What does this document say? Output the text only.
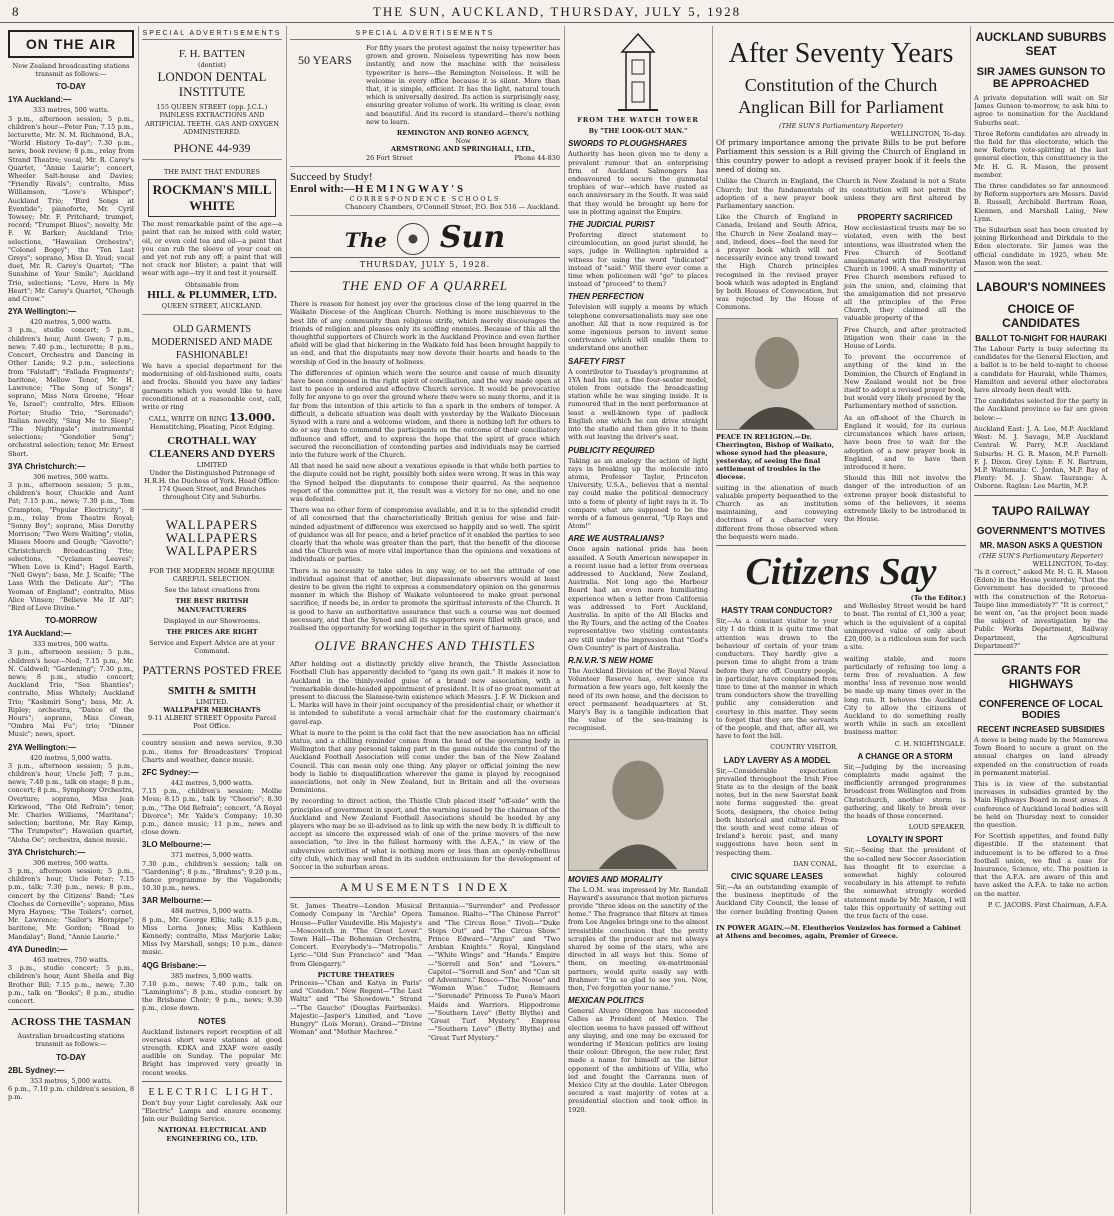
8	THE SUN, AUCKLAND, THURSDAY, JULY 5, 1928
ON THE AIR

New Zealand broadcasting stations transmit as follows:—

TO-DAY
1YA Auckland:—
333 metres, 500 watts.

3 p.m., afternoon session; 5 p.m., children's hour—Peter Pan; 7.15 p.m., lecturette, Mr. N. M. Richmond, B.A., "World History To-day"; 7.30 p.m., news, book review; 8 p.m., relay from Strand Theatre; vocal, Mr. R. Carey's Quartet, "Annie Laurie"; concert, Wheeler Salt-house and Davies; "Friendly Rivals"; contralto, Miss Williamson, "Love's Whisper"; Auckland Trio; "Bird Songs at Eventide"; pianoforte, Mr. Cyril Towsey; Mr. F. Pritchard; trumpet, record; "Trumpet Blues"; novelty, Mr. F. W. Barker; Auckland Trio; selections, "Hawaiian Orchestra"; "Colonel Bogey"; the "Ten Last Greys"; soprano, Miss D. Youd; vocal duet, Mr. R. Carey's Quartet; "The Sunshine of Your Smile"; Auckland Trio, selections; "Love, Here is My Heart"; Mr. Carey's Quartet, "Chough and Crow."

2YA Wellington:—
420 metres, 5,000 watts.

3 p.m., studio concert; 5 p.m., children's hour, Aunt Gwen; 7 p.m., news; 7.40 p.m., lecturette; 8 p.m., Concert, Orchestra and Dancing in Other Lands; 9.2 p.m., selections from "Falstaff"; "Fallada Fragments"; baritone, Mellow Tenor, Mr. H. Lawrence; "The Song of Songs"; soprano, Miss Nora Greene, "Hear Ye, Israel"; contralto, Mrs. Ellison Porter; Studio Trio, "Serenade"; Italian novelty, "Sing Me to Sleep"; "The Nightingale"; instrumental selections; "Gondolier Song"; orchestral selection; tenor, Mr. Ernest Short.

3YA Christchurch:—
306 metres, 500 watts.

3 p.m., afternoon session; 5 p.m., children's hour, Chuckle and Aunt Pat; 7.15 p.m., news; 7.30 p.m., Tom Crampton, "Popular Electricity"; 8 p.m., relay from Theatre Royal; "Sonny Boy"; soprano, Miss Dorothy Morrison; "Two Were Waiting"; violin, Misses Moore and Gough; "Gavotte"; Christchurch Broadcasting Trio; selections, "Cyclamen Leaves"; "When Love is Kind"; Hagel Earth, "Nell Gwyn"; bass, Mr. J. Scaife; "The Lass With the Delicate Air"; "The Yeoman of England"; contralto, Miss Alice Vinsen; "Believe Me If All"; "Bird of Love Divine."

TO-MORROW
1YA Auckland:—
333 metres, 500 watts.

3 p.m., afternoon session; 5 p.m., children's hour—Nod; 7.15 p.m., Mr. N. Caldwell; "Gardening"; 7.30 p.m., news; 8 p.m., studio concert; Auckland Trio, "Sea Shanties"; contralto, Miss Whitely; Auckland Trio; "Kashmiri Song"; bass, Mr. A. Ripley; orchestra, "Dance of the Hours"; soprano, Miss Cowan, "Ombra Mai Fu"; trio; "Dinner Music"; news, sport.

2YA Wellington:—
420 metres, 5,000 watts.

3 p.m., afternoon session; 5 p.m., children's hour, Uncle Jeff; 7 p.m., news; 7.40 p.m., talk on stage; 8 p.m., concert; 8 p.m., Symphony Orchestra, Overture; soprano, Miss Jean Kirkwood, "The Old Refrain"; tenor, Mr. Charles Williams, "Maritana"; selection; baritone, Mr. Ray Kemp, "The Trumpeter"; Hawaiian quartet, "Aloha Oe"; orchestra, dance music.

3YA Christchurch:—
306 metres, 500 watts.

3 p.m., afternoon session; 5 p.m., children's hour, Uncle Peter; 7.15 p.m., talk; 7.30 p.m., news; 8 p.m., concert by the Citizens' Band; "Les Cloches de Corneville"; soprano, Miss Myra Haynes; "The Toilers"; cornet, Mr. Lawrence; "Sailor's Hornpipe"; baritone, Mr. Gordon; "Road to Mandalay"; Band, "Annie Laurie."

4YA Dunedin:—
463 metres, 750 watts.

3 p.m., studio concert; 5 p.m., children's hour, Aunt Sheila and Big Brother Bill; 7.15 p.m., news; 7.30 p.m., talk on "Books"; 8 p.m., studio concert.

ACROSS THE TASMAN

Australian broadcasting stations transmit as follows:—

TO-DAY
2BL Sydney:—
353 metres, 5,000 watts.

6 p.m., 7.10 p.m. children's session, 8 p.m.

SPECIAL ADVERTISEMENTS
F. H. BATTEN
(dentist)
LONDON DENTAL INSTITUTE

155 QUEEN STREET (opp. J.C.L.) PAINLESS EXTRACTIONS AND ARTIFICIAL TEETH. GAS AND OXYGEN ADMINISTERED.

PHONE 44-939
THE PAINT THAT ENDURES
ROCKMAN'S MILL WHITE

The most remarkable paint of the age—a paint that can be mixed with cold water, oil, or even cold tea and oil—a paint that you can rub the sleeve of your coat on and yet not rub any off; a paint that will not crack nor blister; a paint that will wear with age—try it and test it yourself.

Obtainable from
HILL & PLUMMER, LTD.
QUEEN STREET, AUCKLAND.
OLD GARMENTS MODERNISED AND MADE FASHIONABLE!

We have a special department for the modernising of old-fashioned suits, coats and frocks. Should you have any ladies' garments which you would like to have reconditioned at a reasonable cost, call, write or ring

CALL, WRITE OR RING 13.000.
Hemstitching, Pleating, Picot Edging.
CROTHALL WAY CLEANERS AND DYERS
LIMITED

Under the Distinguished Patronage of H.R.H. the Duchess of York. Head Office: 174 Queen Street, and Branches throughout City and Suburbs.

WALLPAPERS
WALLPAPERS
WALLPAPERS

FOR THE MODERN HOME REQUIRE CAREFUL SELECTION.

See the latest creations from

THE BEST BRITISH MANUFACTURERS

Displayed in our Showrooms.

THE PRICES ARE RIGHT

Service and Expert Advice are at your Command.

PATTERNS POSTED FREE
SMITH & SMITH
LIMITED.
WALLPAPER MERCHANTS
9-11 ALBERT STREET Opposite Parcel Post Office.

country session and news service, 9.30 p.m., items for Broadcasters' Tropical Charts and weather, dance music.

2FC Sydney:—
442 metres, 5,000 watts.

7.15 p.m., children's session; Mollie Moss; 8.15 p.m., talk by "Cheerio"; 8.30 p.m., "The Old Refrain"; concert, "A Royal Divorce"; Mr. Yalde's Company; 10.30 p.m., dance music; 11 p.m., news and close down.

3LO Melbourne:—
371 metres, 5,000 watts.

7.30 p.m., children's session; talk on "Gardening"; 8 p.m., "Brahms"; 9.20 p.m., dance programme by the Vagabonds; 10.30 p.m., news.

3AR Melbourne:—
484 metres, 5,000 watts.

8 p.m., Mr. George Ellis; talk; 8.15 p.m., Miss Lorna Jones; Miss Kathleen Kennedy; contralto, Miss Marjorie Lake; Miss Ivy Marshall, songs; 10 p.m., dance music.

4QG Brisbane:—
385 metres, 5,000 watts.

7.10 p.m., news; 7.40 p.m., talk on "Lamingtons"; 8 p.m., studio concert by the Brisbane Choir; 9 p.m., news; 9.30 p.m., close down.

NOTES

Auckland listeners report reception of all overseas short wave stations at good strength. KDKA and 2XAF were easily audible on Sunday. The popular Mr. Bright has improved very greatly in recent weeks.

ELECTRIC LIGHT.

Don't buy your Light carelessly. Ask our "Electric" Lamps and ensure economy. Join our Building Service.

NATIONAL ELECTRICAL AND ENGINEERING CO., LTD.
SPECIAL ADVERTISEMENTS
50 YEARS

For fifty years the protest against the noisy typewriter has grown and grown. Noiseless typewriting has now been instantly, and now the machine with the noiseless typewriter is here—the Remington Noiseless. It will be welcome in every office because it is silent. More than that, it is simple, efficient. It has the light, natural touch which is universally desired. Its action is surprisingly easy, ensuring greater volume of work. Its writing is clear, even and beautiful. And its record is standard—there's nothing new to learn.

REMINGTON AND RONEO AGENCY,
Now
ARMSTRONG AND SPRINGHALL, LTD.,
26 Fort Street	Phone 44-830
Succeed by Study!
Enrol with:—H E M I N G W A Y ' S
CORRESPONDENCE SCHOOLS
Chancery Chambers, O'Connell Street, P.O. Box 516 — Auckland.
The Sun
THURSDAY, JULY 5, 1928.
THE END OF A QUARREL

There is reason for honest joy over the gracious close of the long quarrel in the Waikato Diocese of the Anglican Church. Nothing is more mischievous to the best life of any community than religious strife, which merely discourages the friends of religion and pleases only its scoffing enemies. Because of this all the thoughtful supporters of Church work in the Auckland Province and even farther afield will be glad that bickering in the Waikato fold has been brought happily to an end, and that the disputants may now devote their hearts and heads to the worship of God in the beauty of holiness.

The differences of opinion which were the source and cause of much disunity have been composed in the right spirit of conciliation, and the way made open at last to peace in ordered and effective Church service. It would be provocative folly for anyone to go over the ground where there were so many thorns, and it is far from the intention of this article to fan a spark in the embers of temper. A difficult, a delicate situation was dealt with yesterday by the Waikato Diocesan Synod with a rare and a welcome wisdom, and there is nothing left for others to do or say than to commend the participants on the outcome of their conciliatory influence and effort, and to express the hope that the spirit of grace which secured the reconciliation of contending parties and individuals may be carried into the future work of the Church.

All that need be said now about a vexatious episode is that while both parties to the dispute could not be right, possibly both sides were wrong. It was in this way the Synod helped the disputants to compose their quarrel. As the sequence report of the committee put it, the result was a victory for no one, and no one was defeated.

There was no other form of compromise available, and it is to the splendid credit of all concerned that the characteristically British genius for wise and fair-minded adjustment of difference was exercised so happily and so well. The spirit of guidance was all for peace, and a brief practice of it enabled the parties to see clearly that the whole was greater than the part, that the benefit of the diocese and the Church was of more vital importance than the opinions and vexations of individuals or parties.

There is no necessity to take sides in any way, or to set the attitude of one individual against that of another, but dispassionate observers would at least desire to be given the right to express a commendatory opinion on the generous manner in which the Bishop of Waikato volunteered to make great personal sacrifice, if needs be, in order to promote the spiritual interests of the Church. It is good to have an authoritative assurance that such a course was not deemed necessary, and that the Synod and all its supporters were filled with grace, and realised the opportunity for working together in the spirit of harmony.

OLIVE BRANCHES AND THISTLES

After holding out a distinctly prickly olive branch, the Thistle Association Football Club has apparently decided to "gang its own gait." It makes it now to Auckland in the thinly-veiled guise of a brand new association, with a "remarkable double-headed appointment of president. It is of no great moment at present to discuss the Slamese-twin existence which Messrs. J. F. W. Dickson and L. Marks will have in their joint occupancy of the presidential chair, or whether it is intended to substitute a vocal armchair chat for the customary chairman's gavel-rap.

What is more to the point is the cold fact that the new association has no official status, and a chilling reminder comes from the head of the governing body in Wellington that any personal taking part in the game outside the control of the Auckland Football Association will come under the ban of the New Zealand Council. This can mean only one thing. Any player or official joining the new body is liable to disqualification wherever the game is played by recognised associations, not only in New Zealand, but in Britain and all the overseas Dominions.

By recording to direct action, the Thistle Club placed itself "off-side" with the principles of government in sport, and the warning issued by the chairman of the Auckland and New Zealand Football Associations should be heeded by any players who may be so ill-advised as to link up with the new body. It is difficult to accept as sincere the expressed wish of one of the prime movers of the new association, "to live in the fullest harmony with the A.F.A.," in view of the subversive activities of what is nothing more or less than an openly-rebellious city club, which may well find in its sudden enthusiasm for the development of Soccer in the suburban areas.

AMUSEMENTS INDEX

St. James Theatre—London Musical Comedy Company in "Archie" Opera House—Fuller Vaudeville. His Majesty's—Moscovitch in "The Great Lover." Town Hall—The Bohemian Orchestra, Concert. Everybody's—"Metropolis." Lyric—"Old Sun Francisco" and "Man from Glengarry."

PICTURE THEATRES

Princess—"Chan and Katya in Paris" and "Condon." New Regent—"The Last Waltz" and "The Showdown." Strand—"The Gaucho" (Douglas Fairbanks). Majestic—Jasper's Limited, and "Love Hungry" (Lois Moran). Grand—"Divine Woman" and "Mother Machree."

Britannia—"Surrender" and Professor Tamanoe. Rialto—"The Chinese Parrot" and "The Circus Rose." Tivoli—"Duke Steps Out" and "The Circus Show." Prince Edward—"Argus" and "Two Arabian Knights." Royal, Kingsland—"White Wings" and "Hands." Empire—"Sorrell and Son" and "Lovers." Capitol—"Sorrell and Son" and "Can sit of Adventure." Rosco—"The Noose" and "Woman Wise." Tudor, Remuera—"Serenade" Princess Te Puea's Maori Maids and Warriors. Hippodrome—"Southern Love" (Betty Blythe) and "Great Turf Mystery." Empress—"Southern Love" (Betty Blythe) and "Great Turf Mystery."

FROM THE WATCH TOWER
By "THE LOOK-OUT MAN."
SWORDS TO PLOUGHSHARES

Authority has been given me to deny a prevalent rumour that an enterprising firm of Auckland Salmongers has endeavoured to secure the gunmetal trophies of war—which have rusted as each anniversary in the South. It was said that they would be brought up here for use in plotting against the Empire.

THE JUDICIAL PURIST

Preferring direct statement to circumlocution, an good jurist should, he says, judge in Wellington upbraided a witness for using the word "indicated" instead of "said." Will there ever come a time when policemen will "go" to places instead of "proceed" to them?

THEN PERFECTION

Television will supply a means by which telephone conversationalists may see one another. All that is now required is for some ingenious person to invent some contrivance which will enable them to understand one another.

SAFETY FIRST

A contributor to Tuesday's programme at 1YA had his car, a fine four-seater model, stolen from outside the broadcasting station while he was singing inside. It is rumoured that in the next performance at least a well-known type of padlock English one which he can drive straight into the studio and then give it to them with out leaving the driver's seat.

PUBLICITY REQUIRED

Taking as an analogy the action of light rays in breaking up the molecule into atoms, Professor Taylor, Princeton University, U.S.A., believes that a mental ray could make the political democracy into a form of plenty of light rays in it. To compare what are supposed to be the words of a famous general, "Up Rays and Atom!"

ARE WE AUSTRALIANS?

Once again national pride has been assailed. A South American newspaper in a recent issue had a letter from overseas addressed to Auckland, New Zealand, Australia. Not long ago the Harbour Board had an even more humiliating experience when a letter from California was addressed to Fort Auckland, Australia. In spite of the All Blacks and the Ry Tours, and the acting of the Coates representative two visiting contestants are still under the impression that "God's Own Country" is part of Australia.

R.N.V.R.'S NEW HOME

The Auckland Division of the Royal Naval Volunteer Reserve has, ever since its formation a few years ago, felt keenly the need of its own home, and the decision to erect permanent headquarters at St. Mary's Bay is a tangible indication that the value of the sea-training is recognised.

MOVIES AND MORALITY

The L.O.M. was impressed by Mr. Randall Hayward's assurance that motion pictures provide "three ideas on the sanctity of the home." The fragrance that filters at times from Los Angeles brings one to the almost irresistible conclusion that the pretty scruples of the producer are not always shared by some of the stars, who are directed in all ways but this. Some of them, on meeting ex-matrimonial partners, would quite easily say with Brahmer: "I'm so glad to see you. Now, then, I've forgotten your name."

MEXICAN POLITICS

General Alvaro Obregon has succeeded Calles as President of Mexico. The election seems to have passed off without any slaying, and one may be excused for wondering if Mexican politics are losing their colour. Obregon, the new ruler, first made a name for himself as the bitter opponent of the ambitions of Villa, who led and fought the Carranza men of Mexico City at the double. Later Obregon secured a vast majority of votes at a presidential election and took office in 1920.

After Seventy Years
Constitution of the Church
Anglican Bill for Parliament
(THE SUN'S Parliamentary Reporter)
WELLINGTON, To-day.

Of primary importance among the private Bills to be put before Parliament this session is a Bill giving the Church of England in this country power to adopt a revised prayer book if it feels the need of doing so.

Unlike the Church in England, the Church in New Zealand is not a State Church; but the fundamentals of its constitution will not permit the adoption of a new prayer book unless they are first altered by Parliamentary sanction.

Like the Church of England in Canada, Ireland and South Africa, the Church in New Zealand may—and, indeed, does—feel the need for a prayer book which will not necessarily evince any trend toward the High Church principles recognised in the revised prayer book which was adopted in England by both Houses of Convocation, but was rejected by the House of Commons.

PEACE IN RELIGION.—Dr. Cherrington, Bishop of Waikato, whose synod had the pleasure, yesterday, of seeing the final settlement of troubles in the diocese.

suiting in the alienation of much valuable property bequeathed to the Church as an institution maintaining, and conveying doctrines of a character very different from those observed when the bequests were made.

PROPERTY SACRIFICED

How ecclesiastical trusts may be so violated, even with the best intentions, was illustrated when the Free Church of Scotland amalgamated with the Presbyterian Church in 1900. A small minority of Free Church members refused to join the union, and, claiming that the amalgamation did not preserve all the principles of the Free Church, they claimed all the valuable property of the

Free Church, and after protracted litigation won their case in the House of Lords.

To prevent the occurrence of anything of the kind in the Dominion, the Church of England in New Zealand would not be free itself to adopt a revised prayer book, but would very likely proceed by the Parliamentary method of sanction.

As an off-shoot of the Church in England it would, for its curious circumstances which have arisen, have been free to wait for the adoption of a new prayer book in England, and to have then introduced it here.

Should this Bill not involve the danger of the introduction of an extreme prayer book distasteful to some of the believers, it seems extremely likely to be introduced in the House.

Citizens Say
(To the Editor.)
HASTY TRAM CONDUCTOR?

Sir,—As a constant visitor to your city I do think it is quite time that attention was drawn to the behaviour of certain of your tram conductors. They hardly give a person time to alight from a tram before they are off. Country people, in particular, have complained from time to time at the manner in which tram conductors show the travelling public any consideration and courtesy in this matter. They seem to forget that they are the servants of the people, and that, after all, we have to foot the bill.

COUNTRY VISITOR.
LADY LAVERY AS A MODEL

Sir,—Considerable expectation prevailed throughout the Irish Free State as to the design of the bank notes, but in the new Saorstat bank note forms suggested the great Scots, designers, the choice being both historical and cultural. From the south and west come ideas of Ireland's heroic past, and many suggestions have been sent in respecting them.

DAN CONAL.
CIVIC SQUARE LEASES

Sir,—As an outstanding example of the business ineptitude of the Auckland City Council, the lease of the corner building fronting Queen and Wellesley Street would be hard to beat. The rental of £1,300 a year, which is the equivalent of a capital unimproved value of only about £20,000, is a ridiculous sum for such a site.

waiting stable, and more particularly of refusing too long a term free of revaluation. A few months' loss of revenue now would be made up many times over in the long run. It behoves the Auckland City to allow the citizens of Auckland to do something really worth while in such an excellent business matter.

C. H. NIGHTINGALE.
A CHANGE OR A STORM

Sir,—Judging by the increasing complaints made against the inefficiently arranged programmes broadcast from Wellington and from Christchurch, another storm is gathering, and likely to break over the heads of those concerned.

LOUD SPEAKER.
LOYALTY IN SPORT

Sir,—Seeing that the president of the so-called new Soccer Association has thought fit to exercise a somewhat highly coloured vocabulary in his attempt to refute the somewhat strongly worded statement made by Mr. Mason, I will take this opportunity of setting out the true facts of the case.

IN POWER AGAIN.—M. Eleutherios Venizelos has formed a Cabinet at Athens and becomes, again, Premier of Greece.

AUCKLAND SUBURBS SEAT
SIR JAMES GUNSON TO BE APPROACHED

A private deputation will wait on Sir James Gunson to-morrow, to ask him to agree to nomination for the Auckland Suburbs seat.

Three Reform candidates are already in the field for this electorate, which the new Reform vote-splitting at the last general election, this constituency is the Mr. H. G. R. Mason, the present member.

The three candidates so far announced by Reform supporters are Messrs. David B. Russell, Archibald Bertram Roan, Kiennen, and Marshall Laing, New Lynn.

The Suburban seat has been created by joining Birkenhead and Dirkdale to the Eden electorate. Sir James was the official candidate in 1925, when Mr. Mason won the seat.

LABOUR'S NOMINEES
CHOICE OF CANDIDATES
BALLOT TO-NIGHT FOR HAURAKI

The Labour Party is busy selecting its candidates for the General Election, and a ballot is to be held to-night to choose a candidate for Hauraki, while Thames, Hamilton and several other electorates have already been dealt with.

The candidates selected for the party in the Auckland province so far are given below:—

Auckland East: J. A. Lee, M.P. Auckland West: M. J. Savage, M.P. Auckland Central: W. Parry, M.P. Auckland Suburbs: H. G. R. Mason, M.P. Parnell: F. J. Dixon. Grey Lynn: F. N. Bartram, M.P. Waitemata: C. Jordan, M.P. Bay of Plenty: M. J. Shaw. Tauranga: A. Osborne. Raglan: Lee Martin, M.P.

TAUPO RAILWAY
GOVERNMENT'S MOTIVES
MR. MASON ASKS A QUESTION
(THE SUN'S Parliamentary Reporter)
WELLINGTON, To-day.

"Is it correct," asked Mr. H. G. R. Mason (Eden) in the House yesterday, "that the Government has decided to proceed with the construction of the Rotorua-Taupo line immediately?" "It is correct," he went on, "as the project been made the subject of investigation by the Public Works Department, Railway Department, the Agricultural Department?"

GRANTS FOR HIGHWAYS
CONFERENCE OF LOCAL BODIES
RECENT INCREASED SUBSIDIES

A move is being made by the Manurewa Town Board to secure a grant on the annual charges on land already expended on the construction of roads in permanent material.

This is in view of the substantial increases in subsidies granted by the Main Highways Board in most areas. A conference of Auckland local bodies will be held on Thursday next to consider the question.

For Scottish appetites, and found fully digestible. If the statement that inducement is to be offered to a free football union, we find a case for Insurance, Science, etc. The position is that the A.F.A. are aware of this and have asked the A.F.A. to take no action on the matter.

P. C. JACOBS. First Chairman, A.F.A.
